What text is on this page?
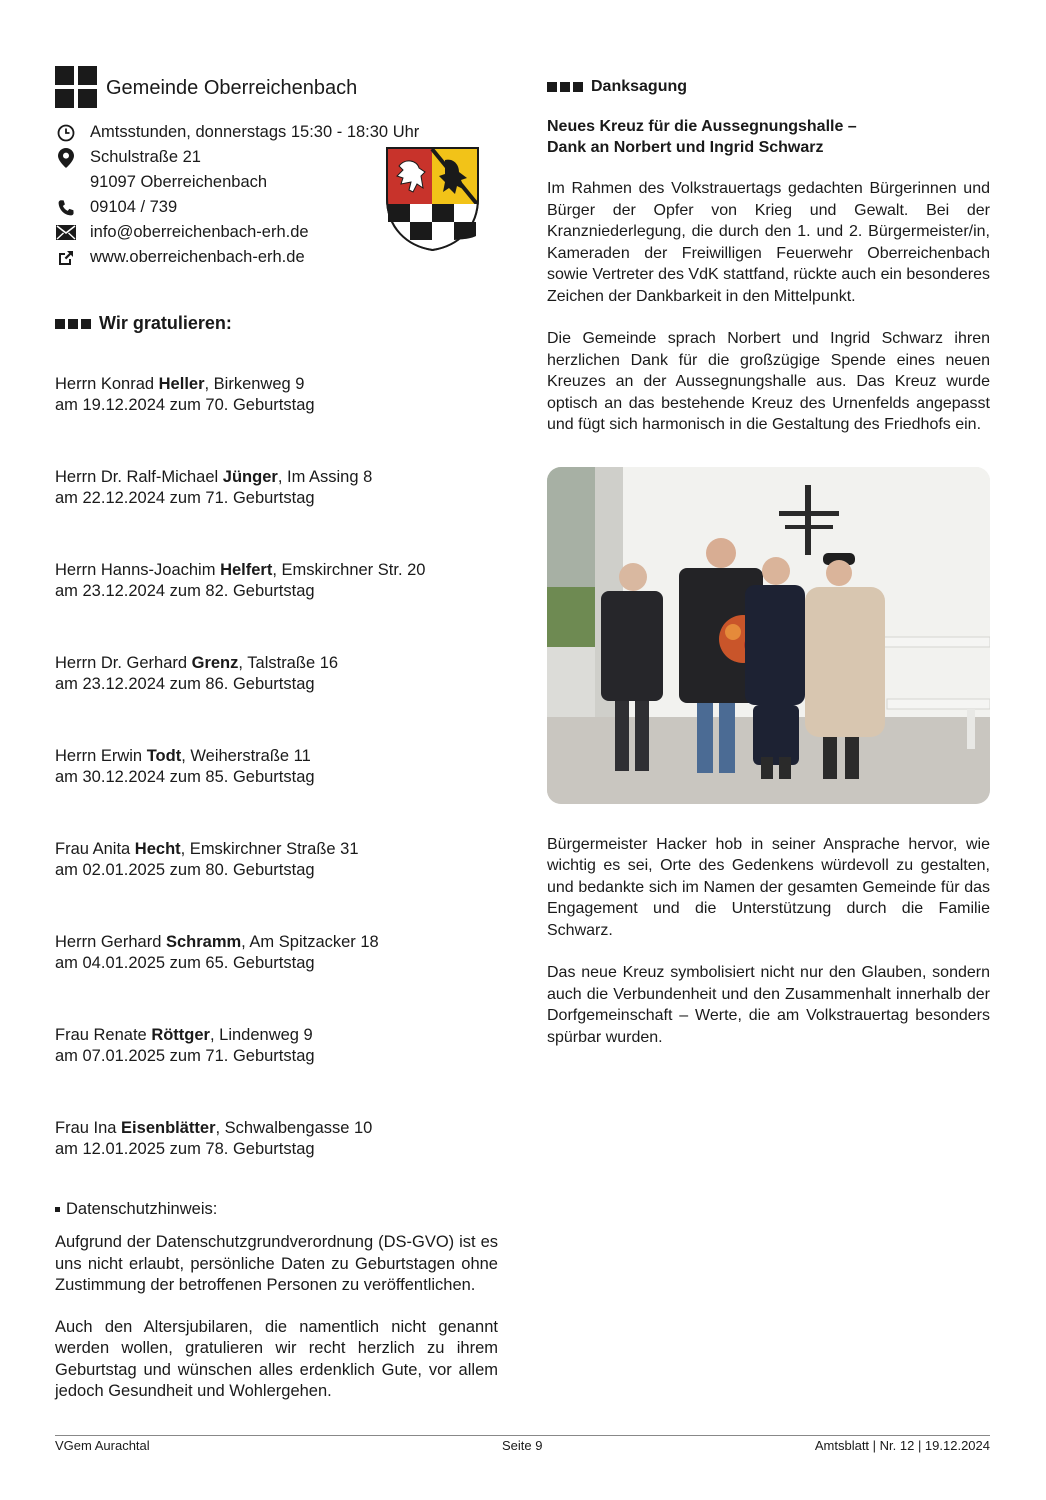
Gemeinde Oberreichenbach
Amtsstunden, donnerstags 15:30 - 18:30 Uhr
Schulstraße 21
91097 Oberreichenbach
09104 / 739
info@oberreichenbach-erh.de
www.oberreichenbach-erh.de
Wir gratulieren:
Herrn Konrad Heller, Birkenweg 9
am 19.12.2024 zum 70. Geburtstag
Herrn Dr. Ralf-Michael Jünger, Im Assing 8
am 22.12.2024 zum 71. Geburtstag
Herrn Hanns-Joachim Helfert, Emskirchner Str. 20
am 23.12.2024 zum 82. Geburtstag
Herrn Dr. Gerhard Grenz, Talstraße 16
am 23.12.2024 zum 86. Geburtstag
Herrn Erwin Todt, Weiherstraße 11
am 30.12.2024 zum 85. Geburtstag
Frau Anita Hecht, Emskirchner Straße 31
am 02.01.2025 zum 80. Geburtstag
Herrn Gerhard Schramm, Am Spitzacker 18
am 04.01.2025 zum 65. Geburtstag
Frau Renate Röttger, Lindenweg 9
am 07.01.2025 zum 71. Geburtstag
Frau Ina Eisenblätter, Schwalbengasse 10
am 12.01.2025 zum 78. Geburtstag
Datenschutzhinweis:
Aufgrund der Datenschutzgrundverordnung (DS-GVO) ist es uns nicht erlaubt, persönliche Daten zu Geburtstagen ohne Zustimmung der betroffenen Personen zu veröffentlichen.
Auch den Altersjubilaren, die namentlich nicht genannt werden wollen, gratulieren wir recht herzlich zu ihrem Geburtstag und wünschen alles erdenklich Gute, vor allem jedoch Gesundheit und Wohlergehen.
Danksagung
Neues Kreuz für die Aussegnungshalle –
Dank an Norbert und Ingrid Schwarz
Im Rahmen des Volkstrauertags gedachten Bürgerinnen und Bürger der Opfer von Krieg und Gewalt. Bei der Kranzniederlegung, die durch den 1. und 2. Bürgermeister/in, Kameraden der Freiwilligen Feuerwehr Oberreichenbach sowie Vertreter des VdK stattfand, rückte auch ein besonderes Zeichen der Dankbarkeit in den Mittelpunkt.
Die Gemeinde sprach Norbert und Ingrid Schwarz ihren herzlichen Dank für die großzügige Spende eines neuen Kreuzes an der Aussegnungshalle aus. Das Kreuz wurde optisch an das bestehende Kreuz des Urnenfelds angepasst und fügt sich harmonisch in die Gestaltung des Friedhofs ein.
Bürgermeister Hacker hob in seiner Ansprache hervor, wie wichtig es sei, Orte des Gedenkens würdevoll zu gestalten, und bedankte sich im Namen der gesamten Gemeinde für das Engagement und die Unterstützung durch die Familie Schwarz.
Das neue Kreuz symbolisiert nicht nur den Glauben, sondern auch die Verbundenheit und den Zusammenhalt innerhalb der Dorfgemeinschaft – Werte, die am Volkstrauertag besonders spürbar wurden.
VGem Aurachtal	Seite 9	Amtsblatt | Nr. 12 | 19.12.2024
